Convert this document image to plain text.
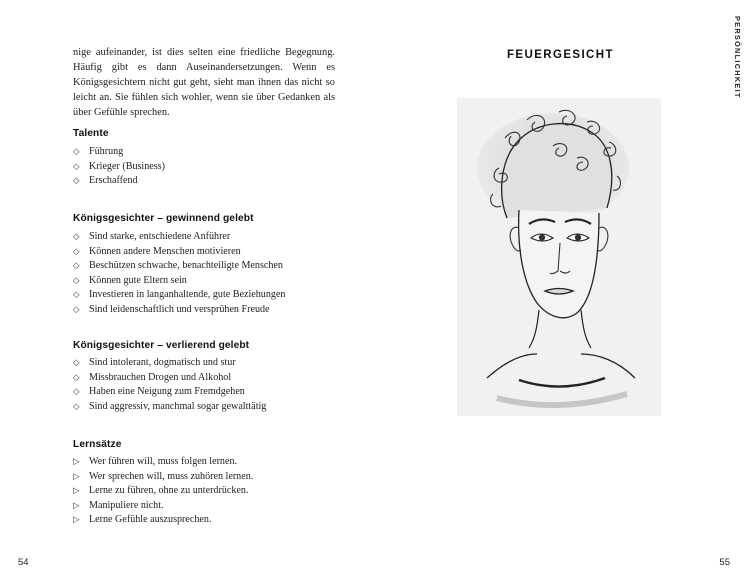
nige aufeinander, ist dies selten eine friedliche Begegnung. Häufig gibt es dann Auseinandersetzungen. Wenn es Königsgesichtern nicht gut geht, sieht man ihnen das nicht so leicht an. Sie fühlen sich wohler, wenn sie über Gedanken als über Gefühle sprechen.

Talente
◇ Führung
◇ Krieger (Business)
◇ Erschaffend
Königsgesichter – gewinnend gelebt
◇ Sind starke, entschiedene Anführer
◇ Können andere Menschen motivieren
◇ Beschützen schwache, benachteiligte Menschen
◇ Können gute Eltern sein
◇ Investieren in langanhaltende, gute Beziehungen
◇ Sind leidenschaftlich und versprühen Freude
Königsgesichter – verlierend gelebt
◇ Sind intolerant, dogmatisch und stur
◇ Missbrauchen Drogen und Alkohol
◇ Haben eine Neigung zum Fremdgehen
◇ Sind aggressiv, manchmal sogar gewalttätig
Lernsätze
▷ Wer führen will, muss folgen lernen.
▷ Wer sprechen will, muss zuhören lernen.
▷ Lerne zu führen, ohne zu unterdrücken.
▷ Manipuliere nicht.
▷ Lerne Gefühle auszusprechen.
54
FEUERGESICHT	PERSÖNLICHKEIT
55
